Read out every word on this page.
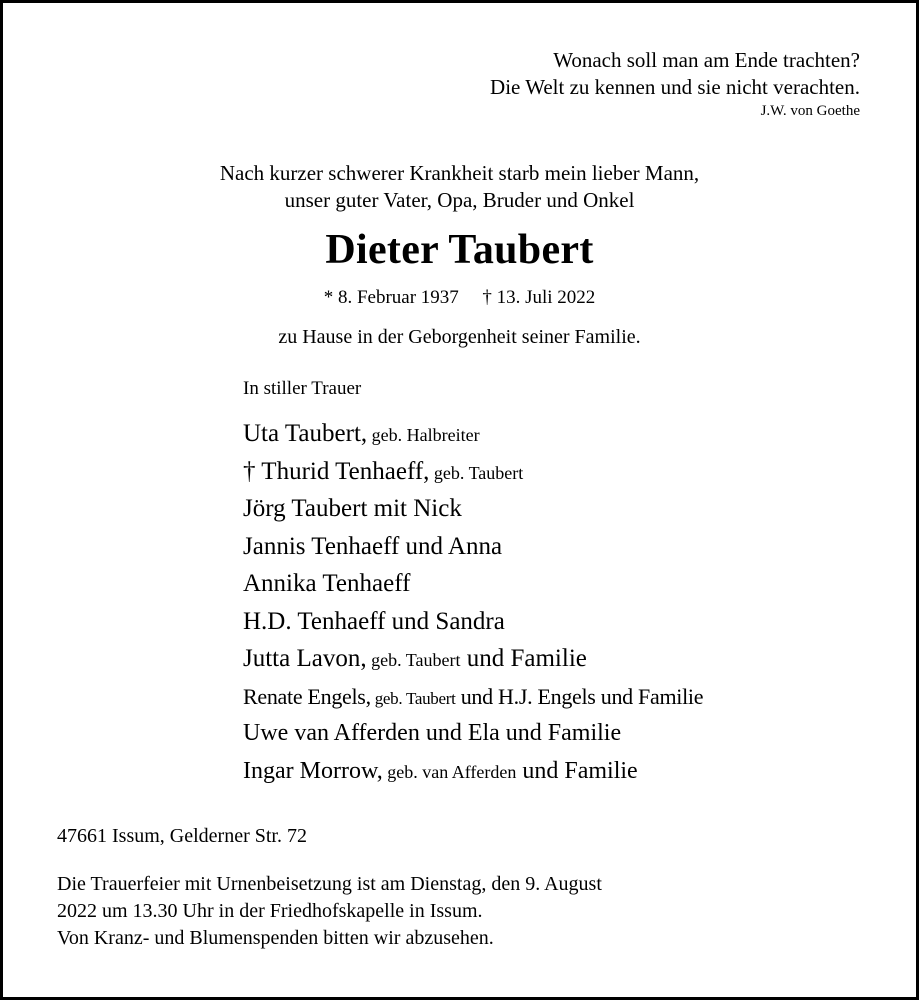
Wonach soll man am Ende trachten?
Die Welt zu kennen und sie nicht verachten.
J.W. von Goethe
Nach kurzer schwerer Krankheit starb mein lieber Mann,
unser guter Vater, Opa, Bruder und Onkel
Dieter Taubert
* 8. Februar 1937 † 13. Juli 2022
zu Hause in der Geborgenheit seiner Familie.
In stiller Trauer
Uta Taubert, geb. Halbreiter
† Thurid Tenhaeff, geb. Taubert
Jörg Taubert mit Nick
Jannis Tenhaeff und Anna
Annika Tenhaeff
H.D. Tenhaeff und Sandra
Jutta Lavon, geb. Taubert und Familie
Renate Engels, geb. Taubert und H.J. Engels und Familie
Uwe van Afferden und Ela und Familie
Ingar Morrow, geb. van Afferden und Familie
47661 Issum, Gelderner Str. 72
Die Trauerfeier mit Urnenbeisetzung ist am Dienstag, den 9. August
2022 um 13.30 Uhr in der Friedhofskapelle in Issum.
Von Kranz- und Blumenspenden bitten wir abzusehen.
